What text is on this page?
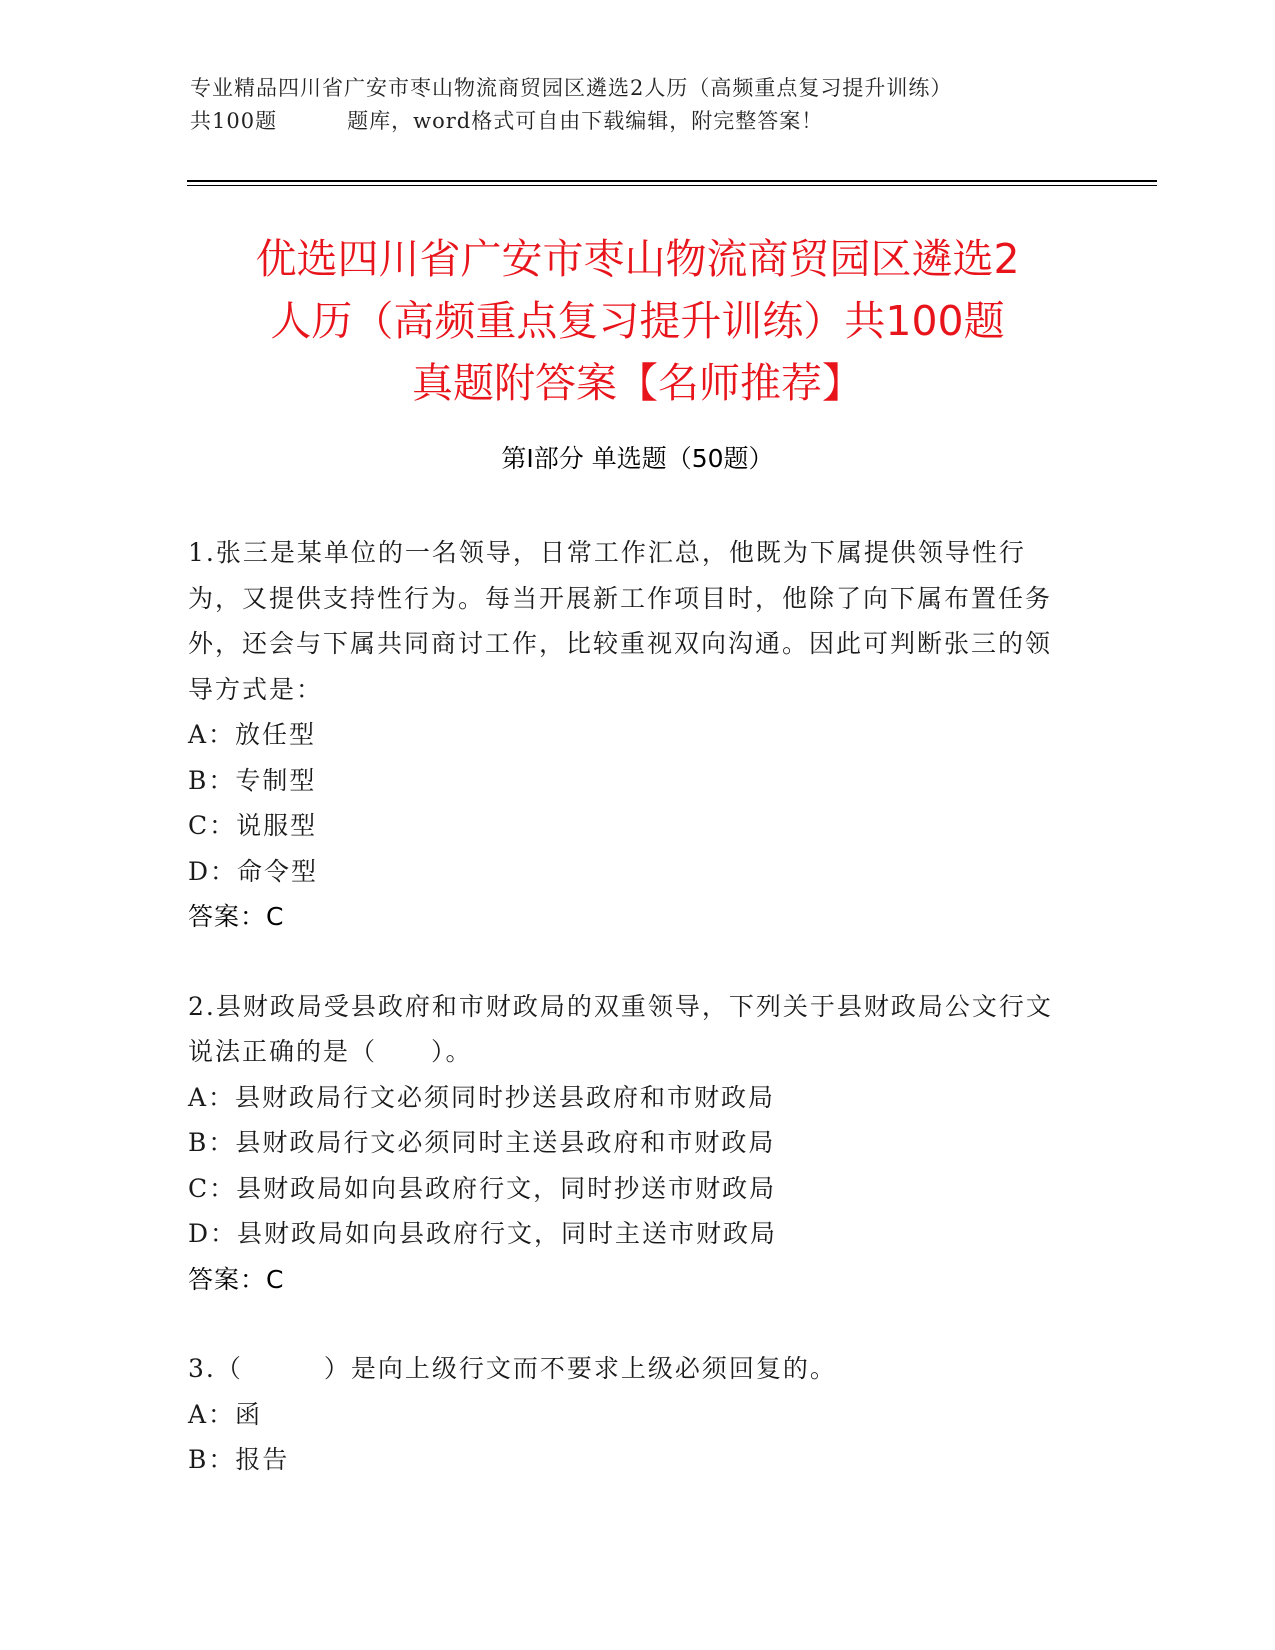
专业精品四川省广安市枣山物流商贸园区遴选2人历（高频重点复习提升训练）
共100题	题库，word格式可自由下载编辑，附完整答案！
优选四川省广安市枣山物流商贸园区遴选2
人历（高频重点复习提升训练）共100题
真题附答案【名师推荐】
第Ⅰ部分 单选题（50题）
1.张三是某单位的一名领导，日常工作汇总，他既为下属提供领导性行为，又提供支持性行为。每当开展新工作项目时，他除了向下属布置任务外，还会与下属共同商讨工作，比较重视双向沟通。因此可判断张三的领导方式是：
A：放任型
B：专制型
C：说服型
D：命令型
答案：C
2.县财政局受县政府和市财政局的双重领导，下列关于县财政局公文行文说法正确的是（　　）。
A：县财政局行文必须同时抄送县政府和市财政局
B：县财政局行文必须同时主送县政府和市财政局
C：县财政局如向县政府行文，同时抄送市财政局
D：县财政局如向县政府行文，同时主送市财政局
答案：C
3.（　　　）是向上级行文而不要求上级必须回复的。
A：函
B：报告
